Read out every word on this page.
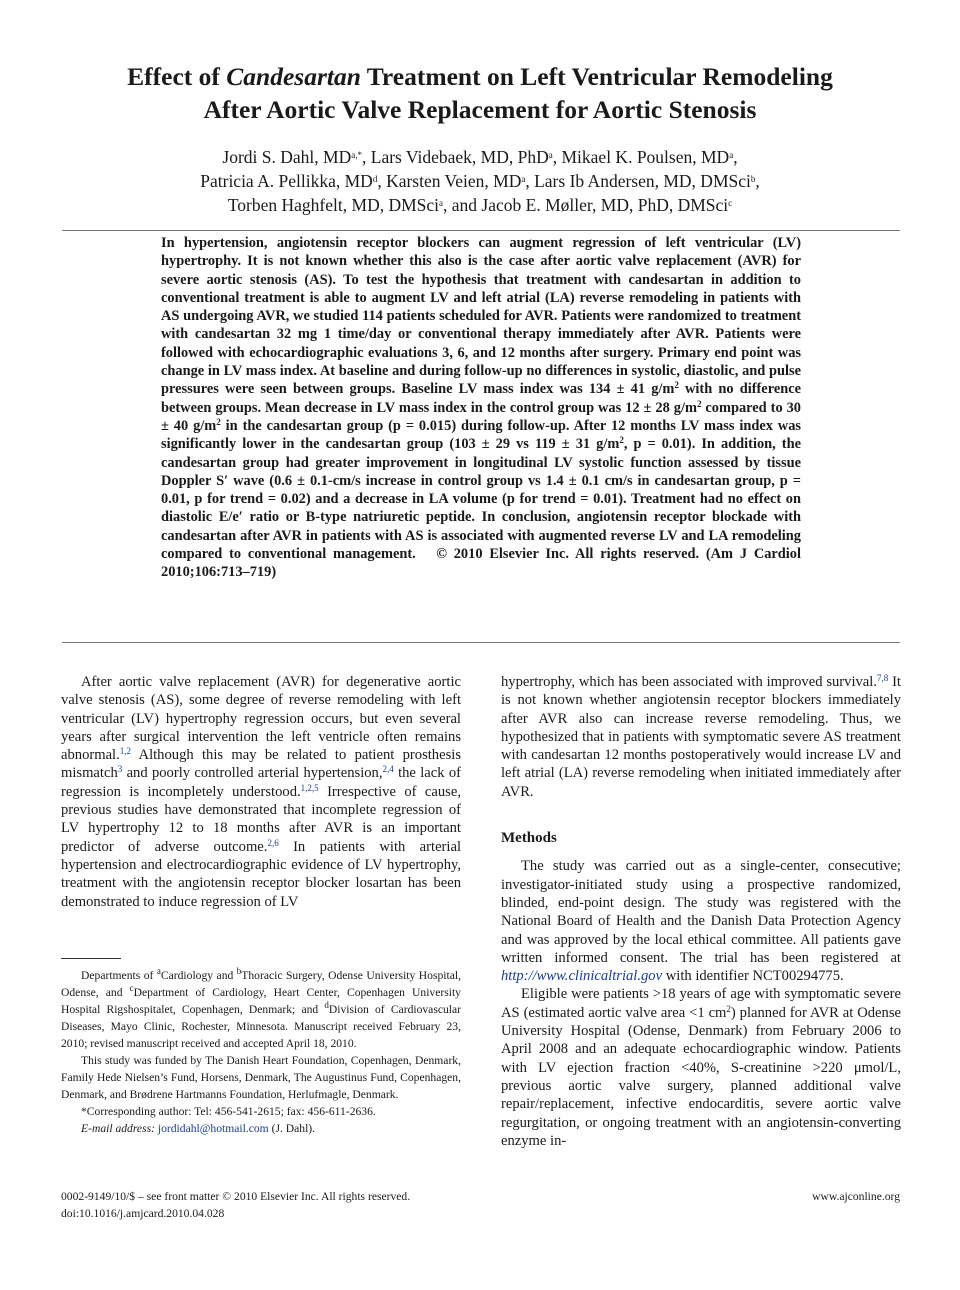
Effect of Candesartan Treatment on Left Ventricular Remodeling
After Aortic Valve Replacement for Aortic Stenosis
Jordi S. Dahl, $MD^{a,*}$, Lars Videbaek, MD, PhD$^a$, Mikael K. Poulsen, $MD^a$,
Patricia A. Pellikka, $MD^d$, Karsten Veien, $MD^a$, Lars Ib Andersen, MD, DMSci$^b$,
Torben Haghfelt, MD, DMSci$^a$, and Jacob E. Møller, MD, PhD, DMSci$^c$
In hypertension, angiotensin receptor blockers can augment regression of left ventricular (LV) hypertrophy. It is not known whether this also is the case after aortic valve replacement (AVR) for severe aortic stenosis (AS). To test the hypothesis that treatment with candesartan in addition to conventional treatment is able to augment LV and left atrial (LA) reverse remodeling in patients with AS undergoing AVR, we studied 114 patients scheduled for AVR. Patients were randomized to treatment with candesartan 32 mg 1 time/day or conventional therapy immediately after AVR. Patients were followed with echocardiographic evaluations 3, 6, and 12 months after surgery. Primary end point was change in LV mass index. At baseline and during follow-up no differences in systolic, diastolic, and pulse pressures were seen between groups. Baseline LV mass index was 134 ± 41 $g/m^2$ with no difference between groups. Mean decrease in LV mass index in the control group was 12 ± 28 $g/m^2$ compared to 30 ± 40 $g/m^2$ in the candesartan group (p = 0.015) during follow-up. After 12 months LV mass index was significantly lower in the candesartan group (103 ± 29 vs 119 ± 31 $g/m^2$, p = 0.01). In addition, the candesartan group had greater improvement in longitudinal LV systolic function assessed by tissue Doppler S′ wave (0.6 ± 0.1-cm/s increase in control group vs 1.4 ± 0.1 cm/s in candesartan group, p = 0.01, p for trend = 0.02) and a decrease in LA volume (p for trend = 0.01). Treatment had no effect on diastolic E/e′ ratio or B-type natriuretic peptide. In conclusion, angiotensin receptor blockade with candesartan after AVR in patients with AS is associated with augmented reverse LV and LA remodeling compared to conventional management. © 2010 Elsevier Inc. All rights reserved. (Am J Cardiol 2010;106:713–719)

After aortic valve replacement (AVR) for degenerative aortic valve stenosis (AS), some degree of reverse remodeling with left ventricular (LV) hypertrophy regression occurs, but even several years after surgical intervention the left ventricle often remains abnormal.$^{1,2}$ Although this may be related to patient prosthesis mismatch$^3$ and poorly controlled arterial hypertension,$^{2,4}$ the lack of regression is incompletely understood.$^{1,2,5}$ Irrespective of cause, previous studies have demonstrated that incomplete regression of LV hypertrophy 12 to 18 months after AVR is an important predictor of adverse outcome.$^{2,6}$ In patients with arterial hypertension and electrocardiographic evidence of LV hypertrophy, treatment with the angiotensin receptor blocker losartan has been demonstrated to induce regression of LV

Departments of $^a$Cardiology and $^b$Thoracic Surgery, Odense University Hospital, Odense, and $^c$Department of Cardiology, Heart Center, Copenhagen University Hospital Rigshospitalet, Copenhagen, Denmark; and $^d$Division of Cardiovascular Diseases, Mayo Clinic, Rochester, Minnesota. Manuscript received February 23, 2010; revised manuscript received and accepted April 18, 2010.

This study was funded by The Danish Heart Foundation, Copenhagen, Denmark, Family Hede Nielsen’s Fund, Horsens, Denmark, The Augustinus Fund, Copenhagen, Denmark, and Brødrene Hartmanns Foundation, Herlufmagle, Denmark.

*Corresponding author: Tel: 456-541-2615; fax: 456-611-2636.

E-mail address: jordidahl@hotmail.com (J. Dahl).

hypertrophy, which has been associated with improved survival.$^{7,8}$ It is not known whether angiotensin receptor blockers immediately after AVR also can increase reverse remodeling. Thus, we hypothesized that in patients with symptomatic severe AS treatment with candesartan 12 months postoperatively would increase LV and left atrial (LA) reverse remodeling when initiated immediately after AVR.

Methods

The study was carried out as a single-center, consecutive; investigator-initiated study using a prospective randomized, blinded, end-point design. The study was registered with the National Board of Health and the Danish Data Protection Agency and was approved by the local ethical committee. All patients gave written informed consent. The trial has been registered at http://www.clinicaltrial.gov with identifier NCT00294775.

Eligible were patients >18 years of age with symptomatic severe AS (estimated aortic valve area <1 $cm^2$) planned for AVR at Odense University Hospital (Odense, Denmark) from February 2006 to April 2008 and an adequate echocardiographic window. Patients with LV ejection fraction <40%, S-creatinine >220 μmol/L, previous aortic valve surgery, planned additional valve repair/replacement, infective endocarditis, severe aortic valve regurgitation, or ongoing treatment with an angiotensin-converting enzyme in-

0002-9149/10/$ – see front matter © 2010 Elsevier Inc. All rights reserved.
doi:10.1016/j.amjcard.2010.04.028
www.ajconline.org
